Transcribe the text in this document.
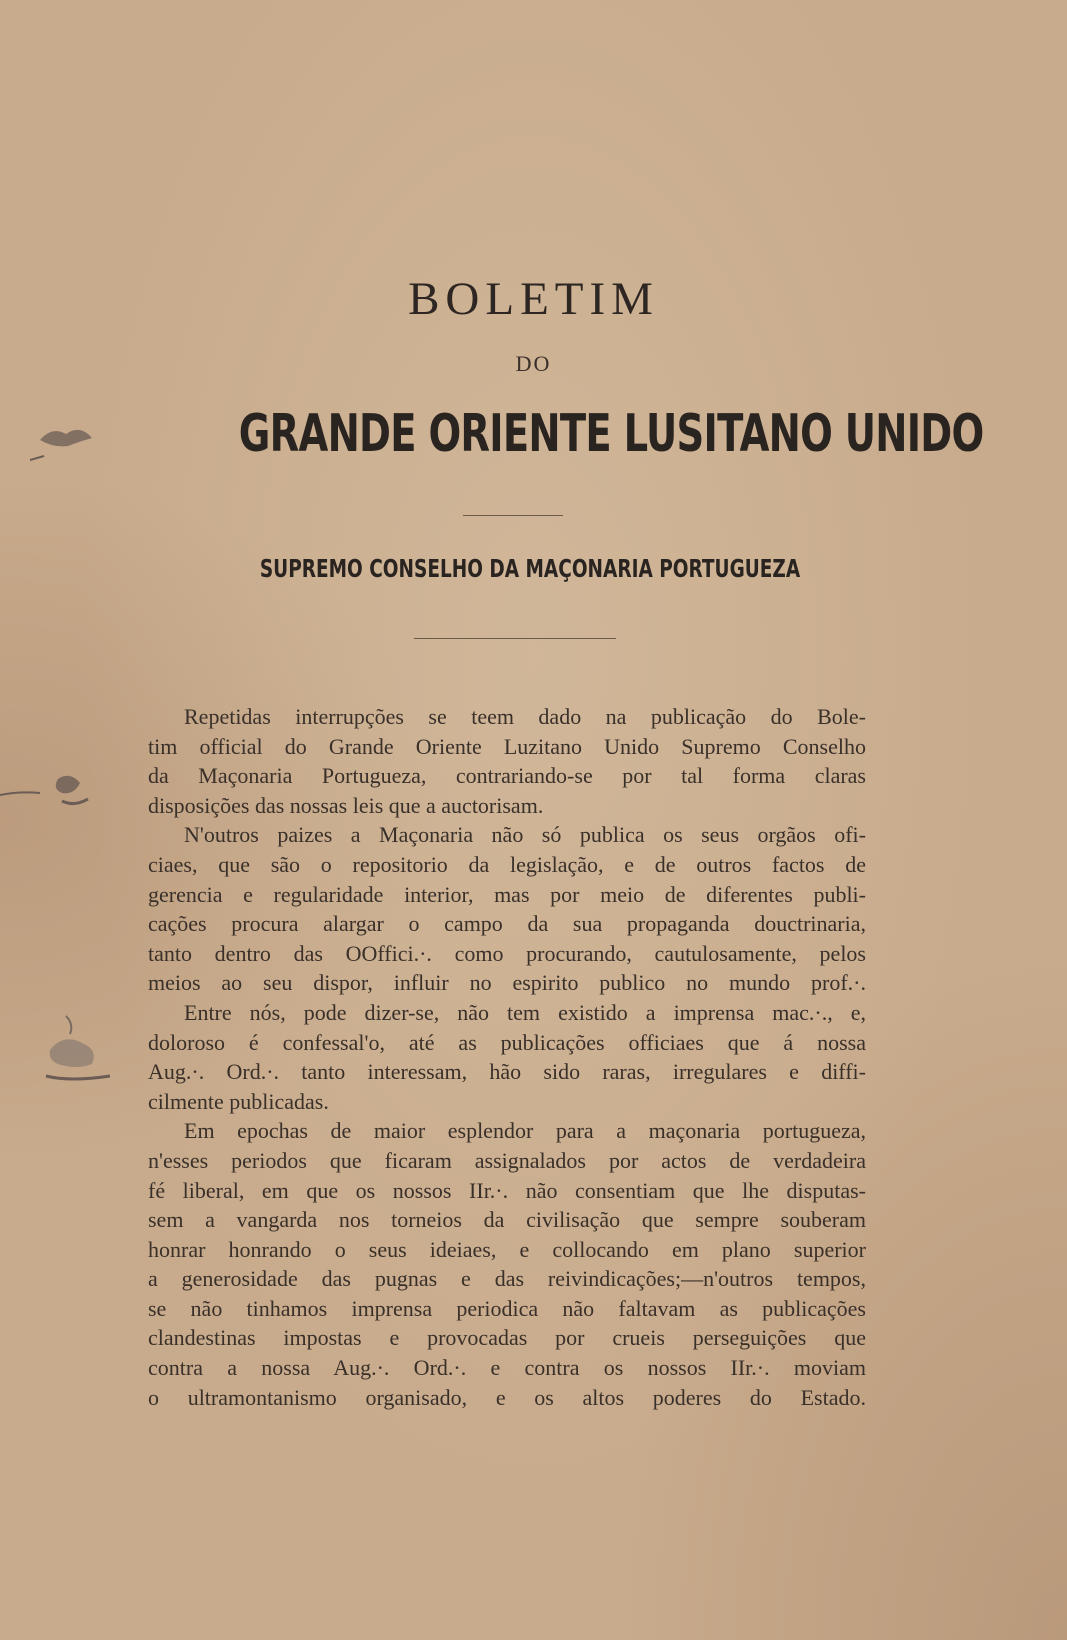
BOLETIM
DO
GRANDE ORIENTE LUSITANO UNIDO
SUPREMO CONSELHO DA MAÇONARIA PORTUGUEZA
Repetidas interrupções se teem dado na publicação do Bole-
tim official do Grande Oriente Luzitano Unido Supremo Conselho
da Maçonaria Portugueza, contrariando-se por tal forma claras
disposições das nossas leis que a auctorisam.
N'outros paizes a Maçonaria não só publica os seus orgãos ofi-
ciaes, que são o repositorio da legislação, e de outros factos de
gerencia e regularidade interior, mas por meio de diferentes publi-
cações procura alargar o campo da sua propaganda douctrinaria,
tanto dentro das OOffici.·. como procurando, cautulosamente, pelos
meios ao seu dispor, influir no espirito publico no mundo prof.·.
Entre nós, pode dizer-se, não tem existido a imprensa mac.·., e,
doloroso é confessal'o, até as publicações officiaes que á nossa
Aug.·. Ord.·. tanto interessam, hão sido raras, irregulares e diffi-
cilmente publicadas.
Em epochas de maior esplendor para a maçonaria portugueza,
n'esses periodos que ficaram assignalados por actos de verdadeira
fé liberal, em que os nossos IIr.·. não consentiam que lhe disputas-
sem a vangarda nos torneios da civilisação que sempre souberam
honrar honrando o seus ideiaes, e collocando em plano superior
a generosidade das pugnas e das reivindicações;—n'outros tempos,
se não tinhamos imprensa periodica não faltavam as publicações
clandestinas impostas e provocadas por crueis perseguições que
contra a nossa Aug.·. Ord.·. e contra os nossos IIr.·. moviam
o ultramontanismo organisado, e os altos poderes do Estado.
